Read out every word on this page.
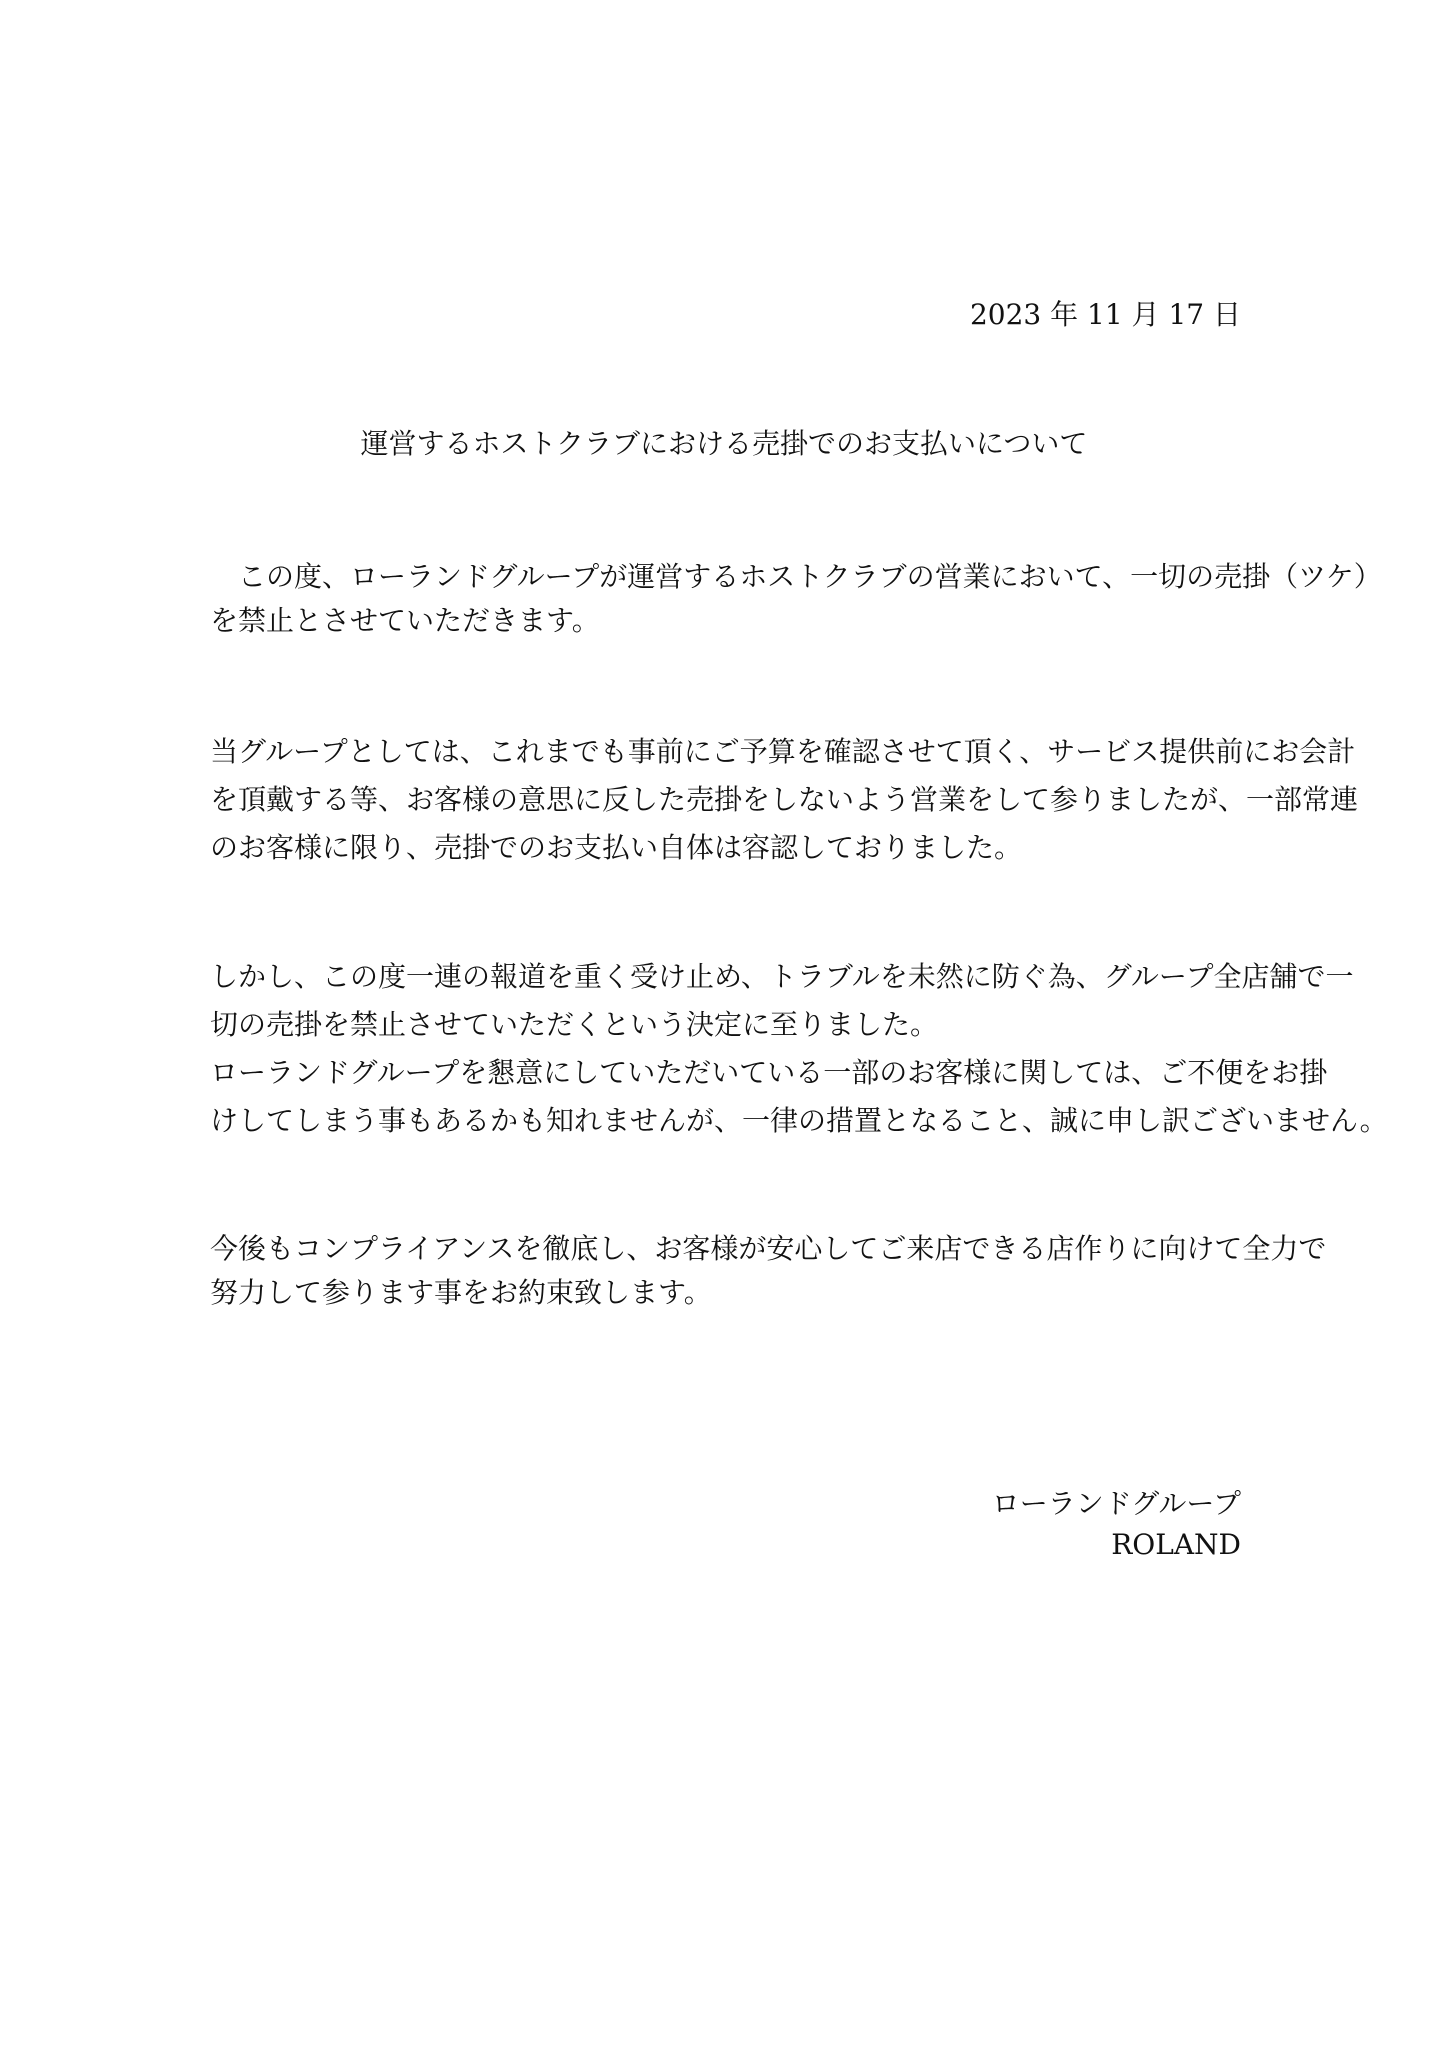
2023 年 11 月 17 日
運営するホストクラブにおける売掛でのお支払いについて
この度、ローランドグループが運営するホストクラブの営業において、一切の売掛（ツケ）
を禁止とさせていただきます。
当グループとしては、これまでも事前にご予算を確認させて頂く、サービス提供前にお会計
を頂戴する等、お客様の意思に反した売掛をしないよう営業をして参りましたが、一部常連
のお客様に限り、売掛でのお支払い自体は容認しておりました。
しかし、この度一連の報道を重く受け止め、トラブルを未然に防ぐ為、グループ全店舗で一
切の売掛を禁止させていただくという決定に至りました。
ローランドグループを懇意にしていただいている一部のお客様に関しては、ご不便をお掛
けしてしまう事もあるかも知れませんが、一律の措置となること、誠に申し訳ございません。
今後もコンプライアンスを徹底し、お客様が安心してご来店できる店作りに向けて全力で
努力して参ります事をお約束致します。
ローランドグループ
ROLAND
